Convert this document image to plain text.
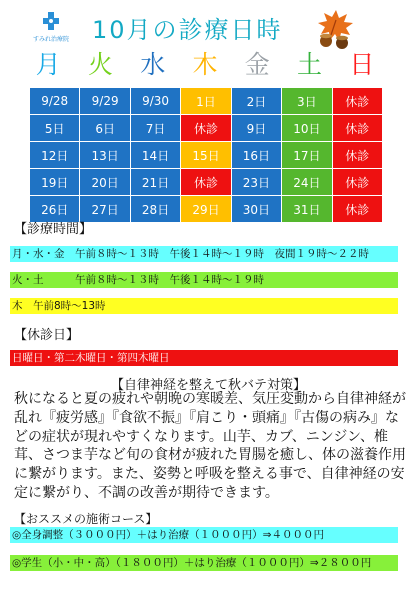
すみれ治療院 10月の診療日時
月	火	水	木	金	土	日
9/28	9/29	9/30	1日	2日	3日	休診
5日	6日	7日	休診	9日	10日	休診
12日	13日	14日	15日	16日	17日	休診
19日	20日	21日	休診	23日	24日	休診
26日	27日	28日	29日	30日	31日	休診
【診療時間】
月・水・金　午前８時～１３時　午後１４時～１９時　夜間１９時～２２時
火・土　　　午前８時～１３時　午後１４時～１９時
木　午前8時～13時
【休診日】
日曜日・第二木曜日・第四木曜日
【自律神経を整えて秋バテ対策】
秋になると夏の疲れや朝晩の寒暖差、気圧変動から自律神経が乱れ『疲労感』『食欲不振』『肩こり・頭痛』『古傷の病み』などの症状が現れやすくなります。山芋、カブ、ニンジン、椎茸、さつま芋など旬の食材が疲れた胃腸を癒し、体の滋養作用に繋がります。また、姿勢と呼吸を整える事で、自律神経の安定に繋がり、不調の改善が期待できます。
【おススメの施術コース】
◎全身調整（３０００円）＋はり治療（１０００円）⇒４０００円
◎学生（小・中・高）（１８００円）＋はり治療（１０００円）⇒２８００円
